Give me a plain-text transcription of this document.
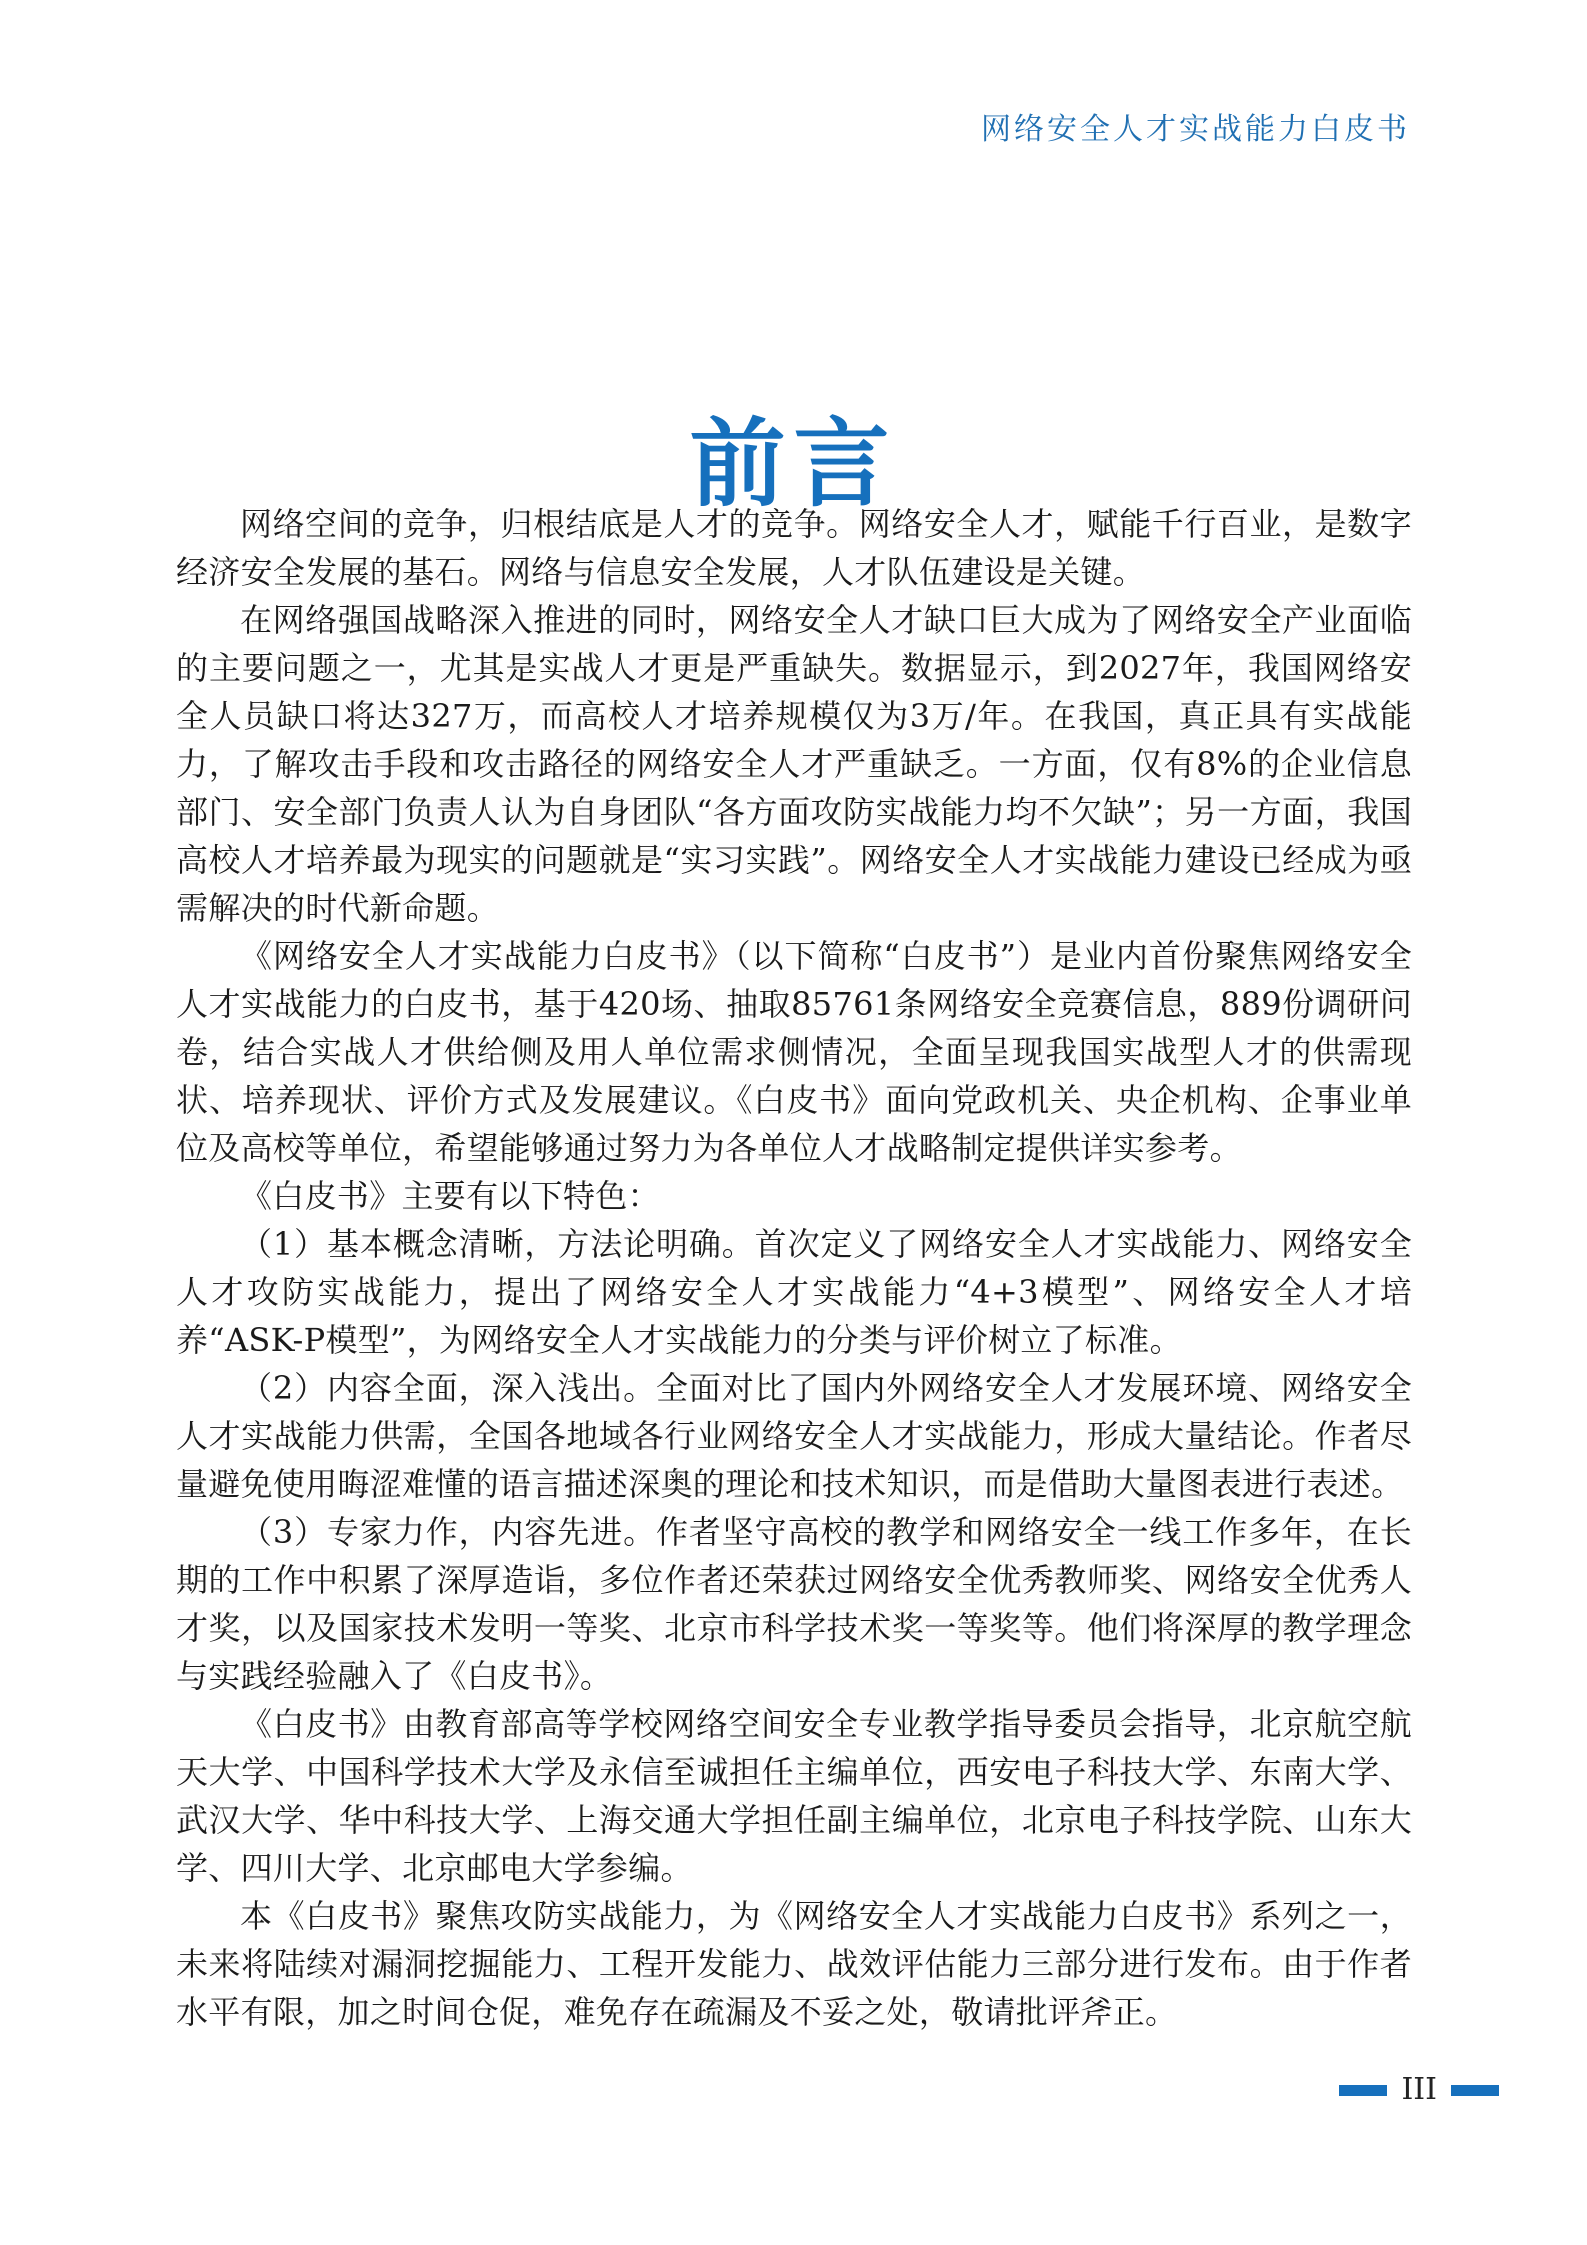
网络安全人才实战能力白皮书
前言

网络空间的竞争，归根结底是人才的竞争。网络安全人才，赋能千行百业，是数字经济安全发展的基石。网络与信息安全发展，人才队伍建设是关键。

在网络强国战略深入推进的同时，网络安全人才缺口巨大成为了网络安全产业面临的主要问题之一，尤其是实战人才更是严重缺失。数据显示，到2027年，我国网络安全人员缺口将达327万，而高校人才培养规模仅为3万/年。在我国，真正具有实战能力，了解攻击手段和攻击路径的网络安全人才严重缺乏。一方面，仅有8%的企业信息部门、安全部门负责人认为自身团队“各方面攻防实战能力均不欠缺”；另一方面，我国高校人才培养最为现实的问题就是“实习实践”。网络安全人才实战能力建设已经成为亟需解决的时代新命题。

《网络安全人才实战能力白皮书》（以下简称“白皮书”）是业内首份聚焦网络安全人才实战能力的白皮书，基于420场、抽取85761条网络安全竞赛信息，889份调研问卷，结合实战人才供给侧及用人单位需求侧情况，全面呈现我国实战型人才的供需现状、培养现状、评价方式及发展建议。《白皮书》面向党政机关、央企机构、企事业单位及高校等单位，希望能够通过努力为各单位人才战略制定提供详实参考。

《白皮书》主要有以下特色：

（1）基本概念清晰，方法论明确。首次定义了网络安全人才实战能力、网络安全人才攻防实战能力，提出了网络安全人才实战能力“4+3模型”、网络安全人才培养“ASK-P模型”，为网络安全人才实战能力的分类与评价树立了标准。

（2）内容全面，深入浅出。全面对比了国内外网络安全人才发展环境、网络安全人才实战能力供需，全国各地域各行业网络安全人才实战能力，形成大量结论。作者尽量避免使用晦涩难懂的语言描述深奥的理论和技术知识，而是借助大量图表进行表述。

（3）专家力作，内容先进。作者坚守高校的教学和网络安全一线工作多年，在长期的工作中积累了深厚造诣，多位作者还荣获过网络安全优秀教师奖、网络安全优秀人才奖，以及国家技术发明一等奖、北京市科学技术奖一等奖等。他们将深厚的教学理念与实践经验融入了《白皮书》。

《白皮书》由教育部高等学校网络空间安全专业教学指导委员会指导，北京航空航天大学、中国科学技术大学及永信至诚担任主编单位，西安电子科技大学、东南大学、武汉大学、华中科技大学、上海交通大学担任副主编单位，北京电子科技学院、山东大学、四川大学、北京邮电大学参编。

本《白皮书》聚焦攻防实战能力，为《网络安全人才实战能力白皮书》系列之一，未来将陆续对漏洞挖掘能力、工程开发能力、战效评估能力三部分进行发布。由于作者水平有限，加之时间仓促，难免存在疏漏及不妥之处，敬请批评斧正。

III
